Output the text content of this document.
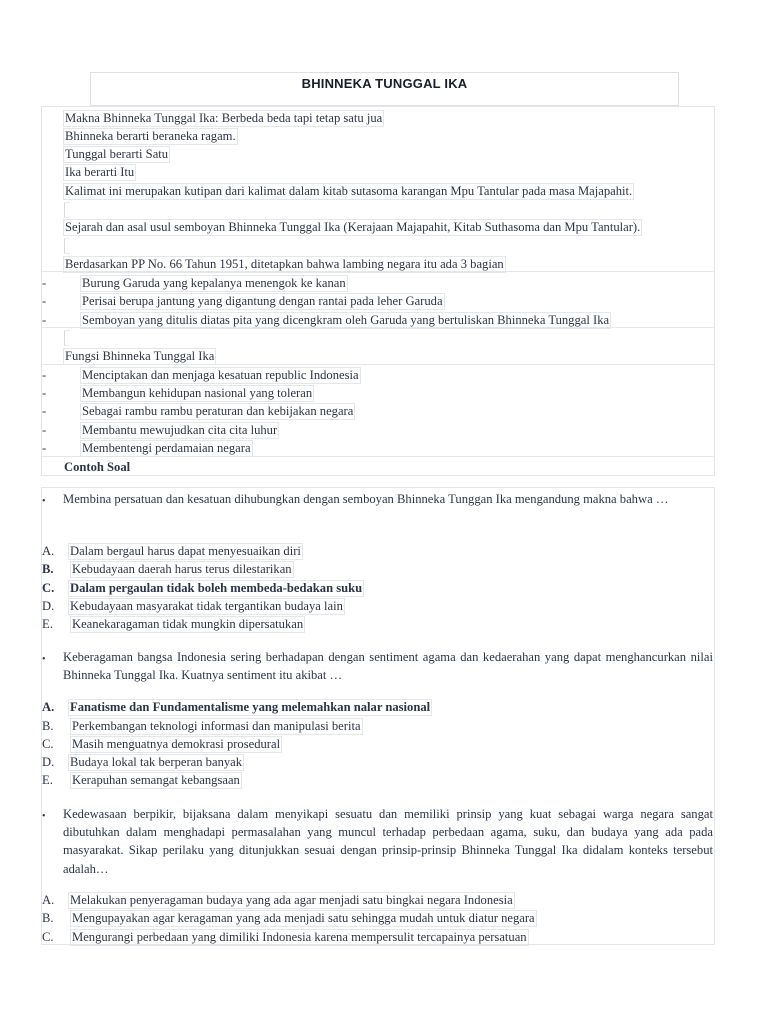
BHINNEKA TUNGGAL IKA
Makna Bhinneka Tunggal Ika: Berbeda beda tapi tetap satu jua
Bhinneka berarti beraneka ragam.
Tunggal berarti Satu
Ika berarti Itu
Kalimat ini merupakan kutipan dari kalimat dalam kitab sutasoma karangan Mpu Tantular pada masa Majapahit.
Sejarah dan asal usul semboyan Bhinneka Tunggal Ika (Kerajaan Majapahit, Kitab Suthasoma dan Mpu Tantular).
Berdasarkan PP No. 66 Tahun 1951, ditetapkan bahwa lambing negara itu ada 3 bagian
-	Burung Garuda yang kepalanya menengok ke kanan
-	Perisai berupa jantung yang digantung dengan rantai pada leher Garuda
-	Semboyan yang ditulis diatas pita yang dicengkram oleh Garuda yang bertuliskan Bhinneka Tunggal Ika
Fungsi Bhinneka Tunggal Ika
-	Menciptakan dan menjaga kesatuan republic Indonesia
-	Membangun kehidupan nasional yang toleran
-	Sebagai rambu rambu peraturan dan kebijakan negara
-	Membantu mewujudkan cita cita luhur
-	Membentengi perdamaian negara
Contoh Soal
• Membina persatuan dan kesatuan dihubungkan dengan semboyan Bhinneka Tunggan Ika mengandung makna bahwa …
A. Dalam bergaul harus dapat menyesuaikan diri
B. Kebudayaan daerah harus terus dilestarikan
C. Dalam pergaulan tidak boleh membeda-bedakan suku
D. Kebudayaan masyarakat tidak tergantikan budaya lain
E. Keanekaragaman tidak mungkin dipersatukan
• Keberagaman bangsa Indonesia sering berhadapan dengan sentiment agama dan kedaerahan yang dapat menghancurkan nilai Bhinneka Tunggal Ika. Kuatnya sentiment itu akibat …
A. Fanatisme dan Fundamentalisme yang melemahkan nalar nasional
B. Perkembangan teknologi informasi dan manipulasi berita
C. Masih menguatnya demokrasi prosedural
D. Budaya lokal tak berperan banyak
E. Kerapuhan semangat kebangsaan
• Kedewasaan berpikir, bijaksana dalam menyikapi sesuatu dan memiliki prinsip yang kuat sebagai warga negara sangat dibutuhkan dalam menghadapi permasalahan yang muncul terhadap perbedaan agama, suku, dan budaya yang ada pada masyarakat. Sikap perilaku yang ditunjukkan sesuai dengan prinsip-prinsip Bhinneka Tunggal Ika didalam konteks tersebut adalah…
A. Melakukan penyeragaman budaya yang ada agar menjadi satu bingkai negara Indonesia
B. Mengupayakan agar keragaman yang ada menjadi satu sehingga mudah untuk diatur negara
C. Mengurangi perbedaan yang dimiliki Indonesia karena mempersulit tercapainya persatuan
